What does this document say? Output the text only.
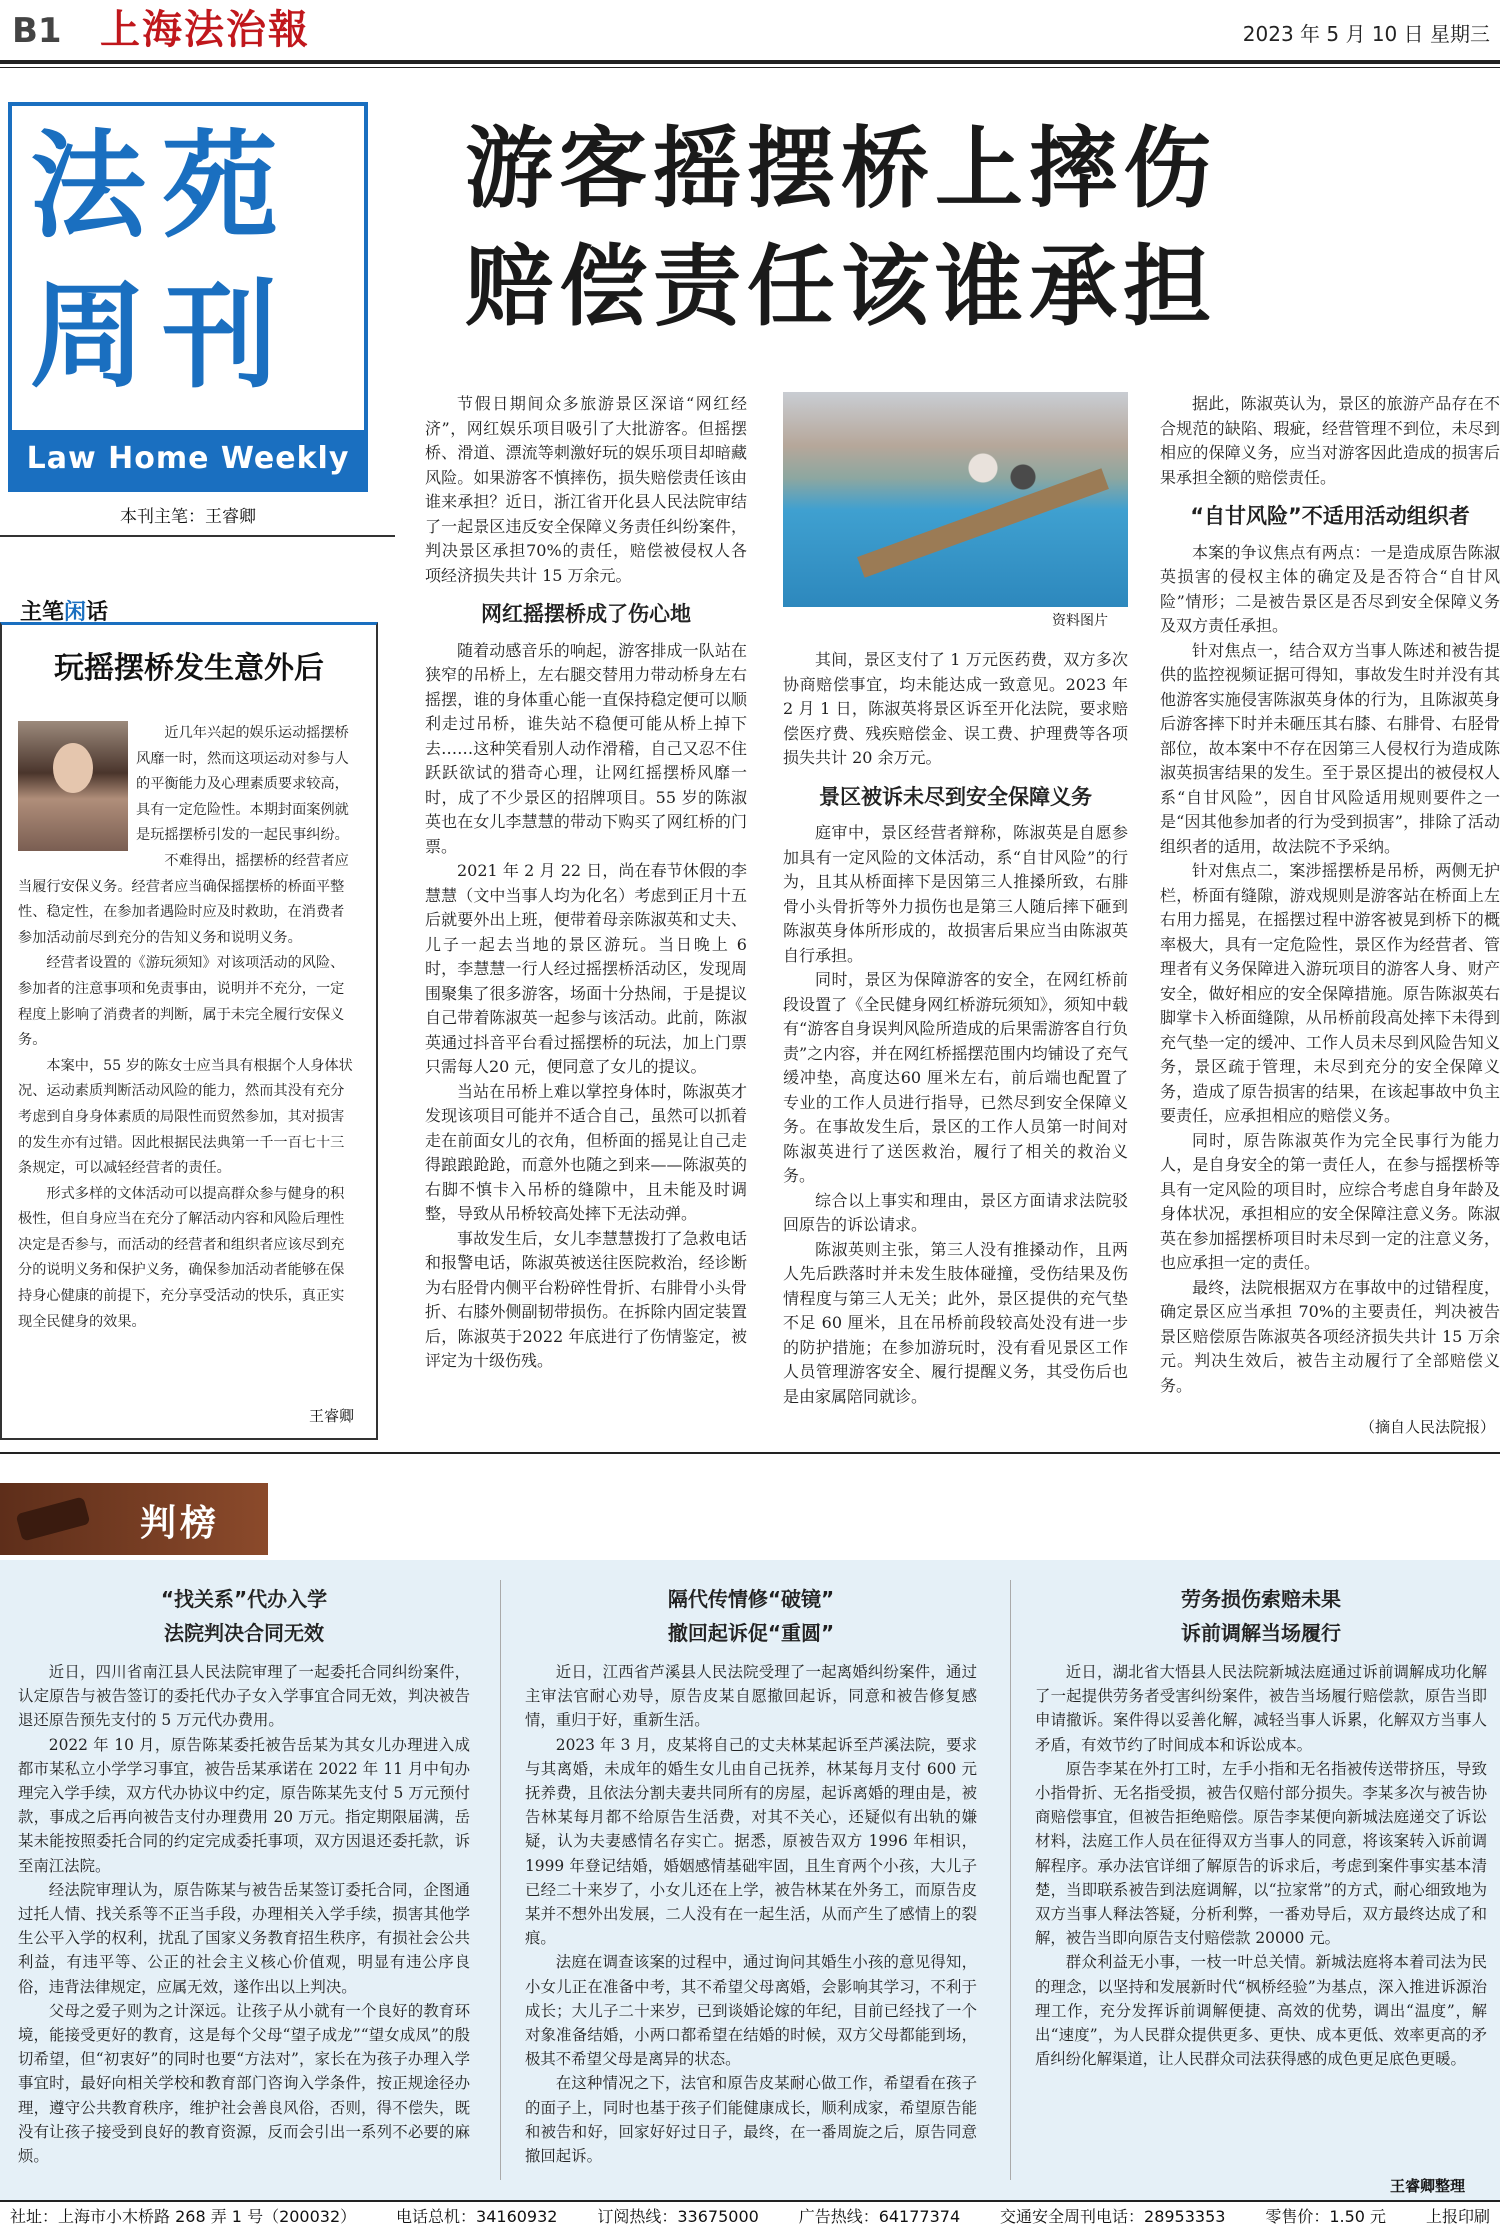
B1 上海法治報	2023 年 5 月 10 日 星期三
法苑
周刊
Law Home Weekly
本刊主笔：王睿卿
游客摇摆桥上摔伤
赔偿责任该谁承担
主笔闲话
玩摇摆桥发生意外后

近几年兴起的娱乐运动摇摆桥风靡一时，然而这项运动对参与人的平衡能力及心理素质要求较高，具有一定危险性。本期封面案例就是玩摇摆桥引发的一起民事纠纷。

不难得出，摇摆桥的经营者应当履行安保义务。经营者应当确保摇摆桥的桥面平整性、稳定性，在参加者遇险时应及时救助，在消费者参加活动前尽到充分的告知义务和说明义务。

经营者设置的《游玩须知》对该项活动的风险、参加者的注意事项和免责事由，说明并不充分，一定程度上影响了消费者的判断，属于未完全履行安保义务。

本案中，55 岁的陈女士应当具有根据个人身体状况、运动素质判断活动风险的能力，然而其没有充分考虑到自身身体素质的局限性而贸然参加，其对损害的发生亦有过错。因此根据民法典第一千一百七十三条规定，可以减轻经营者的责任。

形式多样的文体活动可以提高群众参与健身的积极性，但自身应当在充分了解活动内容和风险后理性决定是否参与，而活动的经营者和组织者应该尽到充分的说明义务和保护义务，确保参加活动者能够在保持身心健康的前提下，充分享受活动的快乐，真正实现全民健身的效果。

王睿卿

节假日期间众多旅游景区深谙“网红经济”，网红娱乐项目吸引了大批游客。但摇摆桥、滑道、漂流等刺激好玩的娱乐项目却暗藏风险。如果游客不慎摔伤，损失赔偿责任该由谁来承担？近日，浙江省开化县人民法院审结了一起景区违反安全保障义务责任纠纷案件，判决景区承担70%的责任，赔偿被侵权人各项经济损失共计 15 万余元。

网红摇摆桥成了伤心地

随着动感音乐的响起，游客排成一队站在狭窄的吊桥上，左右腿交替用力带动桥身左右摇摆，谁的身体重心能一直保持稳定便可以顺利走过吊桥，谁失站不稳便可能从桥上掉下去……这种笑看别人动作滑稽，自己又忍不住跃跃欲试的猎奇心理，让网红摇摆桥风靡一时，成了不少景区的招牌项目。55 岁的陈淑英也在女儿李慧慧的带动下购买了网红桥的门票。

2021 年 2 月 22 日，尚在春节休假的李慧慧（文中当事人均为化名）考虑到正月十五后就要外出上班，便带着母亲陈淑英和丈夫、儿子一起去当地的景区游玩。当日晚上 6 时，李慧慧一行人经过摇摆桥活动区，发现周围聚集了很多游客，场面十分热闹，于是提议自己带着陈淑英一起参与该活动。此前，陈淑英通过抖音平台看过摇摆桥的玩法，加上门票只需每人20 元，便同意了女儿的提议。

当站在吊桥上难以掌控身体时，陈淑英才发现该项目可能并不适合自己，虽然可以抓着走在前面女儿的衣角，但桥面的摇晃让自己走得踉踉跄跄，而意外也随之到来——陈淑英的右脚不慎卡入吊桥的缝隙中，且未能及时调整，导致从吊桥较高处摔下无法动弹。

事故发生后，女儿李慧慧拨打了急救电话和报警电话，陈淑英被送往医院救治，经诊断为右胫骨内侧平台粉碎性骨折、右腓骨小头骨折、右膝外侧副韧带损伤。在拆除内固定装置后，陈淑英于2022 年底进行了伤情鉴定，被评定为十级伤残。

资料图片

其间，景区支付了 1 万元医药费，双方多次协商赔偿事宜，均未能达成一致意见。2023 年 2 月 1 日，陈淑英将景区诉至开化法院，要求赔偿医疗费、残疾赔偿金、误工费、护理费等各项损失共计 20 余万元。

景区被诉未尽到安全保障义务

庭审中，景区经营者辩称，陈淑英是自愿参加具有一定风险的文体活动，系“自甘风险”的行为，且其从桥面摔下是因第三人推搡所致，右腓骨小头骨折等外力损伤也是第三人随后摔下砸到陈淑英身体所形成的，故损害后果应当由陈淑英自行承担。

同时，景区为保障游客的安全，在网红桥前段设置了《全民健身网红桥游玩须知》，须知中载有“游客自身误判风险所造成的后果需游客自行负责”之内容，并在网红桥摇摆范围内均铺设了充气缓冲垫，高度达60 厘米左右，前后端也配置了专业的工作人员进行指导，已然尽到安全保障义务。在事故发生后，景区的工作人员第一时间对陈淑英进行了送医救治，履行了相关的救治义务。

综合以上事实和理由，景区方面请求法院驳回原告的诉讼请求。

陈淑英则主张，第三人没有推搡动作，且两人先后跌落时并未发生肢体碰撞，受伤结果及伤情程度与第三人无关；此外，景区提供的充气垫不足 60 厘米，且在吊桥前段较高处没有进一步的防护措施；在参加游玩时，没有看见景区工作人员管理游客安全、履行提醒义务，其受伤后也是由家属陪同就诊。

据此，陈淑英认为，景区的旅游产品存在不合规范的缺陷、瑕疵，经营管理不到位，未尽到相应的保障义务，应当对游客因此造成的损害后果承担全额的赔偿责任。

“自甘风险”不适用活动组织者

本案的争议焦点有两点：一是造成原告陈淑英损害的侵权主体的确定及是否符合“自甘风险”情形；二是被告景区是否尽到安全保障义务及双方责任承担。

针对焦点一，结合双方当事人陈述和被告提供的监控视频证据可得知，事故发生时并没有其他游客实施侵害陈淑英身体的行为，且陈淑英身后游客摔下时并未砸压其右膝、右腓骨、右胫骨部位，故本案中不存在因第三人侵权行为造成陈淑英损害结果的发生。至于景区提出的被侵权人系“自甘风险”，因自甘风险适用规则要件之一是“因其他参加者的行为受到损害”，排除了活动组织者的适用，故法院不予采纳。

针对焦点二，案涉摇摆桥是吊桥，两侧无护栏，桥面有缝隙，游戏规则是游客站在桥面上左右用力摇晃，在摇摆过程中游客被晃到桥下的概率极大，具有一定危险性，景区作为经营者、管理者有义务保障进入游玩项目的游客人身、财产安全，做好相应的安全保障措施。原告陈淑英右脚掌卡入桥面缝隙，从吊桥前段高处摔下未得到充气垫一定的缓冲、工作人员未尽到风险告知义务，景区疏于管理，未尽到充分的安全保障义务，造成了原告损害的结果，在该起事故中负主要责任，应承担相应的赔偿义务。

同时，原告陈淑英作为完全民事行为能力人，是自身安全的第一责任人，在参与摇摆桥等具有一定风险的项目时，应综合考虑自身年龄及身体状况，承担相应的安全保障注意义务。陈淑英在参加摇摆桥项目时未尽到一定的注意义务，也应承担一定的责任。

最终，法院根据双方在事故中的过错程度，确定景区应当承担 70%的主要责任，判决被告景区赔偿原告陈淑英各项经济损失共计 15 万余元。判决生效后，被告主动履行了全部赔偿义务。

（摘自人民法院报）
判榜
“找关系”代办入学
法院判决合同无效

近日，四川省南江县人民法院审理了一起委托合同纠纷案件，认定原告与被告签订的委托代办子女入学事宜合同无效，判决被告退还原告预先支付的 5 万元代办费用。

2022 年 10 月，原告陈某委托被告岳某为其女儿办理进入成都市某私立小学学习事宜，被告岳某承诺在 2022 年 11 月中旬办理完入学手续，双方代办协议中约定，原告陈某先支付 5 万元预付款，事成之后再向被告支付办理费用 20 万元。指定期限届满，岳某未能按照委托合同的约定完成委托事项，双方因退还委托款，诉至南江法院。

经法院审理认为，原告陈某与被告岳某签订委托合同，企图通过托人情、找关系等不正当手段，办理相关入学手续，损害其他学生公平入学的权利，扰乱了国家义务教育招生秩序，有损社会公共利益，有违平等、公正的社会主义核心价值观，明显有违公序良俗，违背法律规定，应属无效，遂作出以上判决。

父母之爱子则为之计深远。让孩子从小就有一个良好的教育环境，能接受更好的教育，这是每个父母“望子成龙”“望女成凤”的殷切希望，但“初衷好”的同时也要“方法对”，家长在为孩子办理入学事宜时，最好向相关学校和教育部门咨询入学条件，按正规途径办理，遵守公共教育秩序，维护社会善良风俗，否则，得不偿失，既没有让孩子接受到良好的教育资源，反而会引出一系列不必要的麻烦。

隔代传情修“破镜”
撤回起诉促“重圆”

近日，江西省芦溪县人民法院受理了一起离婚纠纷案件，通过主审法官耐心劝导，原告皮某自愿撤回起诉，同意和被告修复感情，重归于好，重新生活。

2023 年 3 月，皮某将自己的丈夫林某起诉至芦溪法院，要求与其离婚，未成年的婚生女儿由自己抚养，林某每月支付 600 元抚养费，且依法分割夫妻共同所有的房屋，起诉离婚的理由是，被告林某每月都不给原告生活费，对其不关心，还疑似有出轨的嫌疑，认为夫妻感情名存实亡。据悉，原被告双方 1996 年相识，1999 年登记结婚，婚姻感情基础牢固，且生育两个小孩，大儿子已经二十来岁了，小女儿还在上学，被告林某在外务工，而原告皮某并不想外出发展，二人没有在一起生活，从而产生了感情上的裂痕。

法庭在调查该案的过程中，通过询问其婚生小孩的意见得知，小女儿正在准备中考，其不希望父母离婚，会影响其学习，不利于成长；大儿子二十来岁，已到谈婚论嫁的年纪，目前已经找了一个对象准备结婚，小两口都希望在结婚的时候，双方父母都能到场，极其不希望父母是离异的状态。

在这种情况之下，法官和原告皮某耐心做工作，希望看在孩子的面子上，同时也基于孩子们能健康成长，顺利成家，希望原告能和被告和好，回家好好过日子，最终，在一番周旋之后，原告同意撤回起诉。

劳务损伤索赔未果
诉前调解当场履行

近日，湖北省大悟县人民法院新城法庭通过诉前调解成功化解了一起提供劳务者受害纠纷案件，被告当场履行赔偿款，原告当即申请撤诉。案件得以妥善化解，减轻当事人诉累，化解双方当事人矛盾，有效节约了时间成本和诉讼成本。

原告李某在外打工时，左手小指和无名指被传送带挤压，导致小指骨折、无名指受损，被告仅赔付部分损失。李某多次与被告协商赔偿事宜，但被告拒绝赔偿。原告李某便向新城法庭递交了诉讼材料，法庭工作人员在征得双方当事人的同意，将该案转入诉前调解程序。承办法官详细了解原告的诉求后，考虑到案件事实基本清楚，当即联系被告到法庭调解，以“拉家常”的方式，耐心细致地为双方当事人释法答疑，分析利弊，一番劝导后，双方最终达成了和解，被告当即向原告支付赔偿款 20000 元。

群众利益无小事，一枝一叶总关情。新城法庭将本着司法为民的理念，以坚持和发展新时代“枫桥经验”为基点，深入推进诉源治理工作，充分发挥诉前调解便捷、高效的优势，调出“温度”，解出“速度”，为人民群众提供更多、更快、成本更低、效率更高的矛盾纠纷化解渠道，让人民群众司法获得感的成色更足底色更暖。

王睿卿整理
社址：上海市小木桥路 268 弄 1 号（200032） 电话总机：34160932 订阅热线：33675000 广告热线：64177374 交通安全周刊电话：28953353 零售价：1.50 元 上报印刷
